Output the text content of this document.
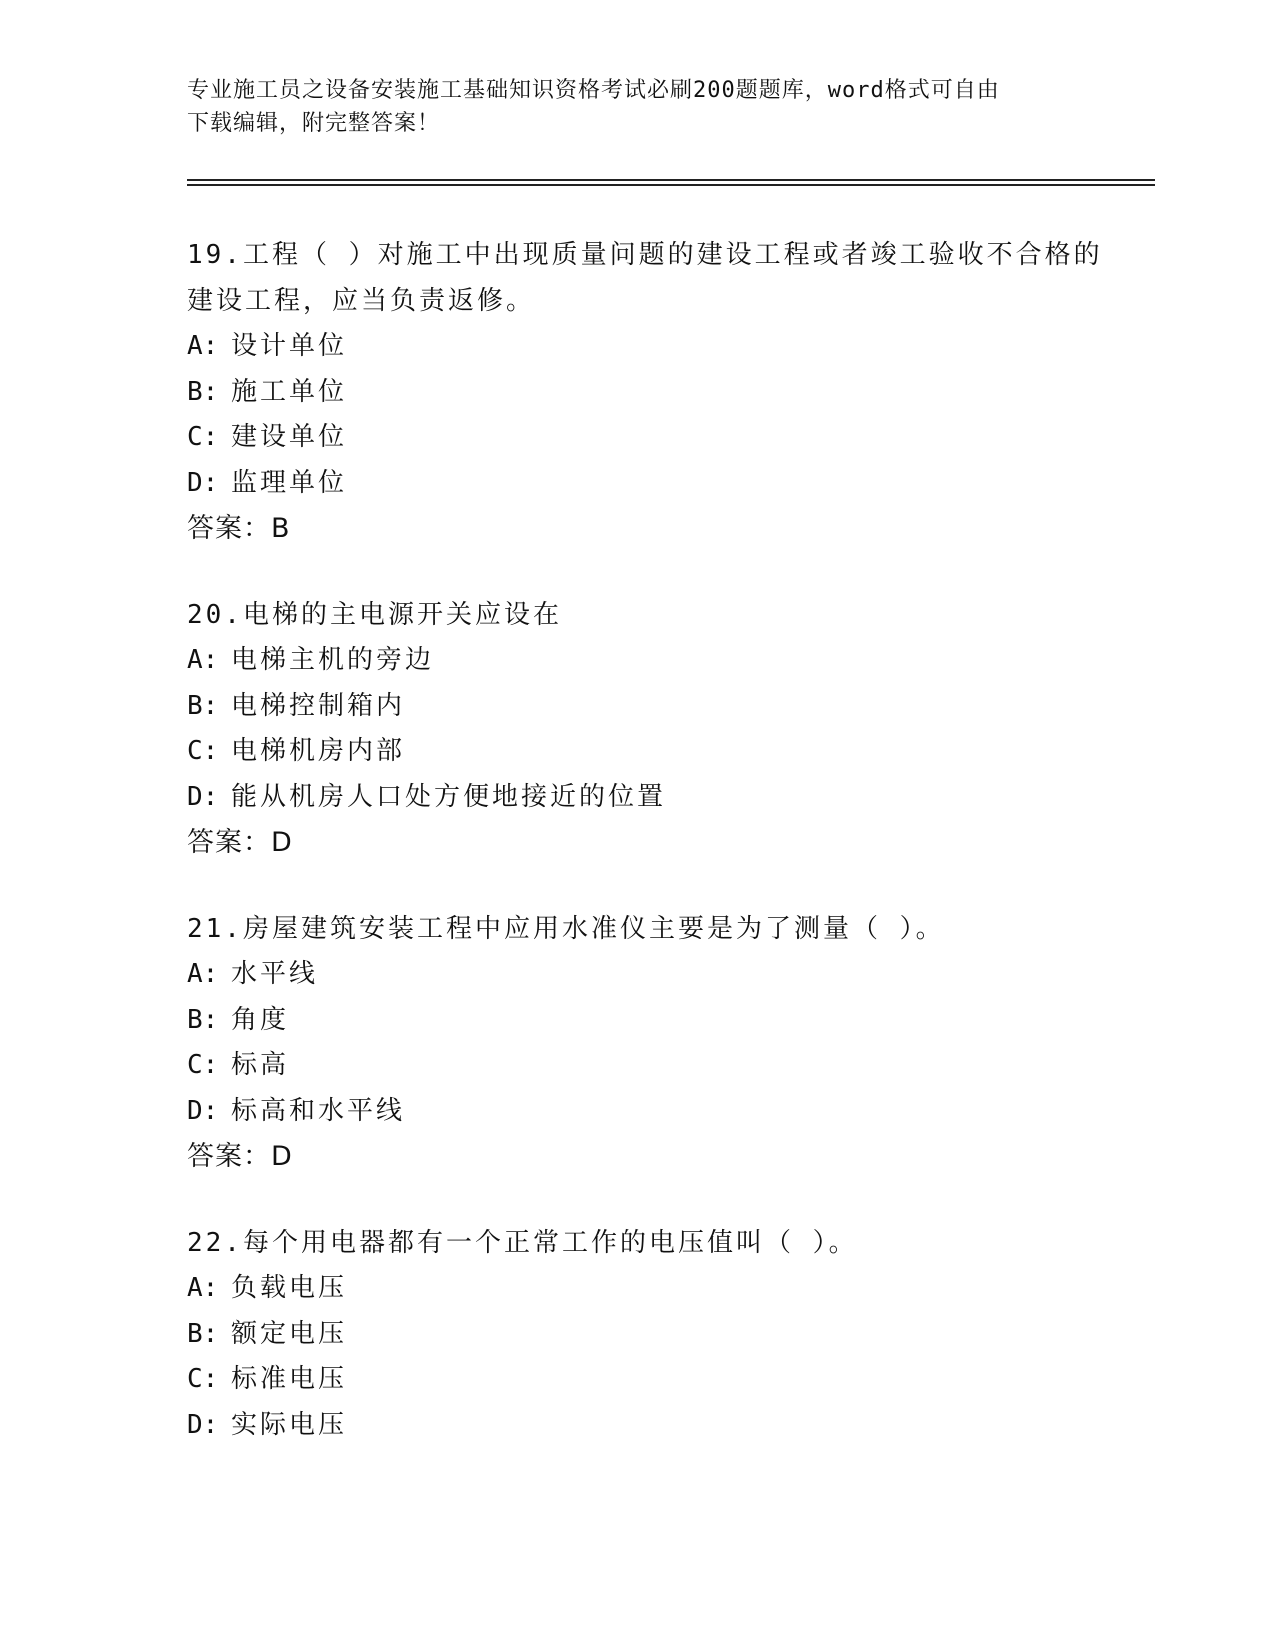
专业施工员之设备安装施工基础知识资格考试必刷200题题库，word格式可自由
下载编辑，附完整答案！

19.工程（ ）对施工中出现质量问题的建设工程或者竣工验收不合格的建设工程，应当负责返修。

A: 设计单位

B: 施工单位

C: 建设单位

D: 监理单位

答案：B

20.电梯的主电源开关应设在

A: 电梯主机的旁边

B: 电梯控制箱内

C: 电梯机房内部

D: 能从机房人口处方便地接近的位置

答案：D

21.房屋建筑安装工程中应用水准仪主要是为了测量（ ）。

A: 水平线

B: 角度

C: 标高

D: 标高和水平线

答案：D

22.每个用电器都有一个正常工作的电压值叫（ ）。

A: 负载电压

B: 额定电压

C: 标准电压

D: 实际电压
